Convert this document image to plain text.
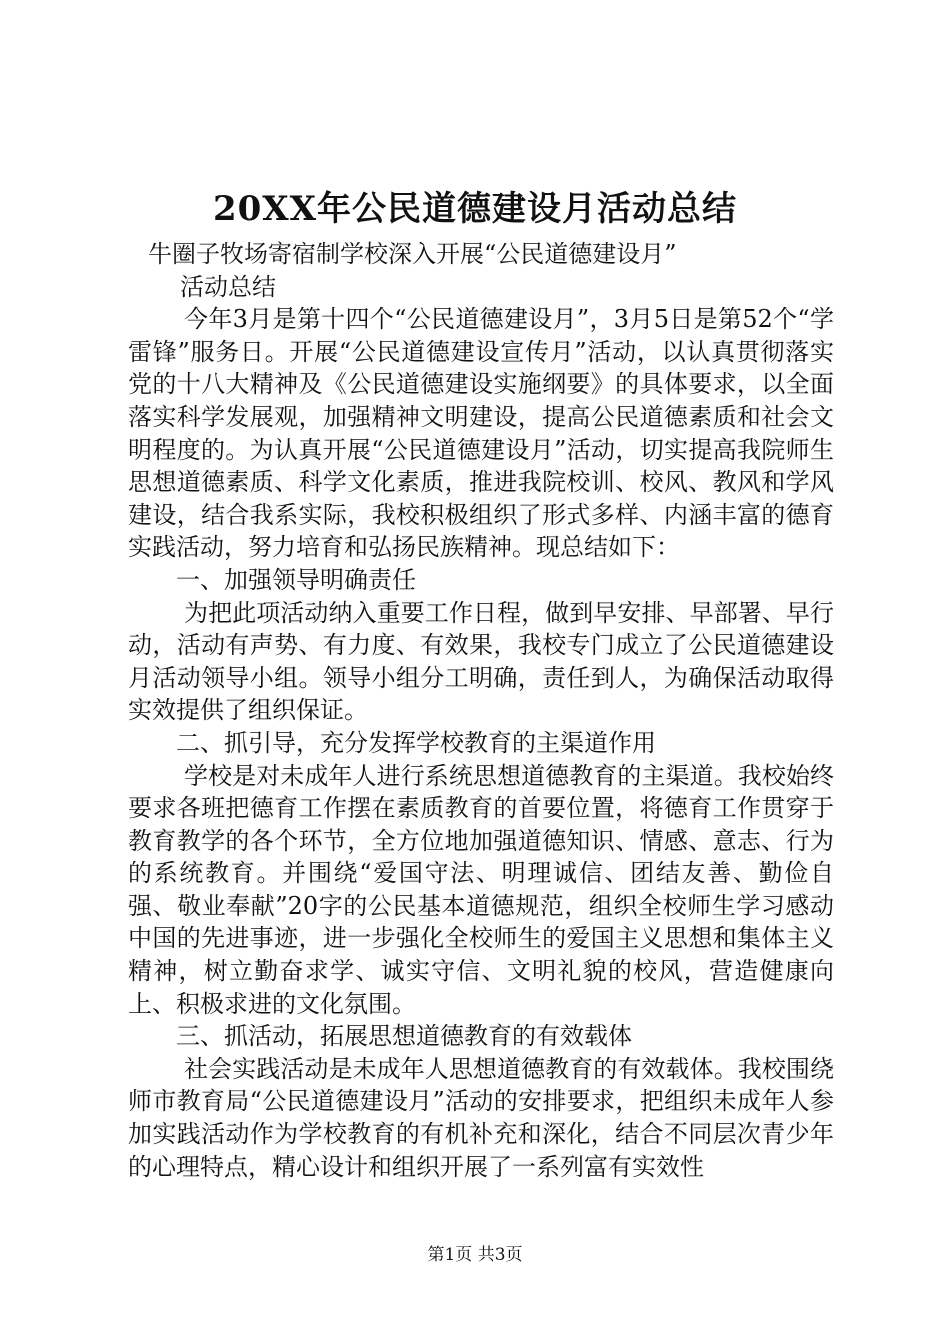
20XX年公民道德建设月活动总结

牛圈子牧场寄宿制学校深入开展“公民道德建设月”
活动总结

今年3月是第十四个“公民道德建设月”，3月5日是第52个“学雷锋”服务日。开展“公民道德建设宣传月”活动，以认真贯彻落实党的十八大精神及《公民道德建设实施纲要》的具体要求，以全面落实科学发展观，加强精神文明建设，提高公民道德素质和社会文明程度的。为认真开展“公民道德建设月”活动，切实提高我院师生思想道德素质、科学文化素质，推进我院校训、校风、教风和学风建设，结合我系实际，我校积极组织了形式多样、内涵丰富的德育实践活动，努力培育和弘扬民族精神。现总结如下：

一、加强领导明确责任

为把此项活动纳入重要工作日程，做到早安排、早部署、早行动，活动有声势、有力度、有效果，我校专门成立了公民道德建设月活动领导小组。领导小组分工明确，责任到人，为确保活动取得实效提供了组织保证。

二、抓引导，充分发挥学校教育的主渠道作用

学校是对未成年人进行系统思想道德教育的主渠道。我校始终要求各班把德育工作摆在素质教育的首要位置，将德育工作贯穿于教育教学的各个环节，全方位地加强道德知识、情感、意志、行为的系统教育。并围绕“爱国守法、明理诚信、团结友善、勤俭自强、敬业奉献”20字的公民基本道德规范，组织全校师生学习感动中国的先进事迹，进一步强化全校师生的爱国主义思想和集体主义精神，树立勤奋求学、诚实守信、文明礼貌的校风，营造健康向上、积极求进的文化氛围。

三、抓活动，拓展思想道德教育的有效载体

社会实践活动是未成年人思想道德教育的有效载体。我校围绕师市教育局“公民道德建设月”活动的安排要求，把组织未成年人参加实践活动作为学校教育的有机补充和深化，结合不同层次青少年的心理特点，精心设计和组织开展了一系列富有实效性

第1页 共3页
